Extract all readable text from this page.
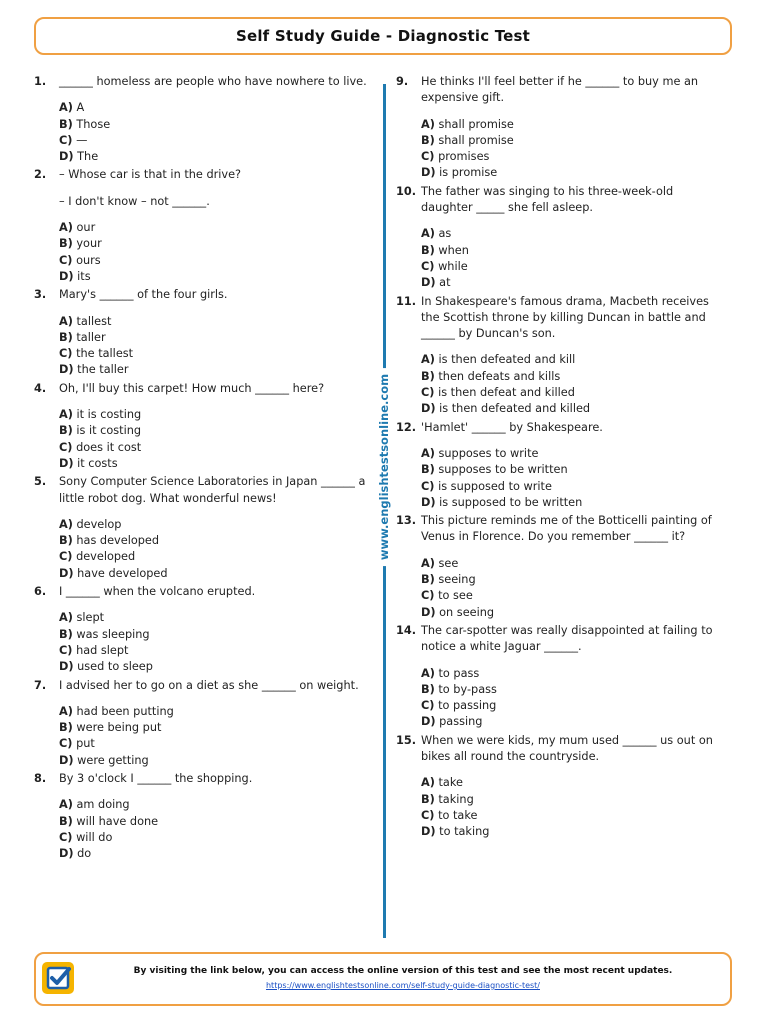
Self Study Guide - Diagnostic Test
1.	______ homeless are people who have nowhere to live.
A) A
B) Those
C) —
D) The
2.	– Whose car is that in the drive?
– I don't know – not ______.
A) our
B) your
C) ours
D) its
3.	Mary's ______ of the four girls.
A) tallest
B) taller
C) the tallest
D) the taller
4.	Oh, I'll buy this carpet! How much ______ here?
A) it is costing
B) is it costing
C) does it cost
D) it costs
5.	Sony Computer Science Laboratories in Japan ______ a little robot dog. What wonderful news!
A) develop
B) has developed
C) developed
D) have developed
6.	I ______ when the volcano erupted.
A) slept
B) was sleeping
C) had slept
D) used to sleep
7.	I advised her to go on a diet as she ______ on weight.
A) had been putting
B) were being put
C) put
D) were getting
8.	By 3 o'clock I ______ the shopping.
A) am doing
B) will have done
C) will do
D) do
www.englishtestsonline.com
9.	He thinks I'll feel better if he ______ to buy me an expensive gift.
A) shall promise
B) shall promise
C) promises
D) is promise
10. The father was singing to his three-week-old daughter _____ she fell asleep.
A) as
B) when
C) while
D) at
11. In Shakespeare's famous drama, Macbeth receives the Scottish throne by killing Duncan in battle and ______ by Duncan's son.
A) is then defeated and kill
B) then defeats and kills
C) is then defeat and killed
D) is then defeated and killed
12. 'Hamlet' ______ by Shakespeare.
A) supposes to write
B) supposes to be written
C) is supposed to write
D) is supposed to be written
13. This picture reminds me of the Botticelli painting of Venus in Florence. Do you remember ______ it?
A) see
B) seeing
C) to see
D) on seeing
14. The car-spotter was really disappointed at failing to notice a white Jaguar ______.
A) to pass
B) to by-pass
C) to passing
D) passing
15. When we were kids, my mum used ______ us out on bikes all round the countryside.
A) take
B) taking
C) to take
D) to taking
By visiting the link below, you can access the online version of this test and see the most recent updates.
https://www.englishtestsonline.com/self-study-guide-diagnostic-test/
